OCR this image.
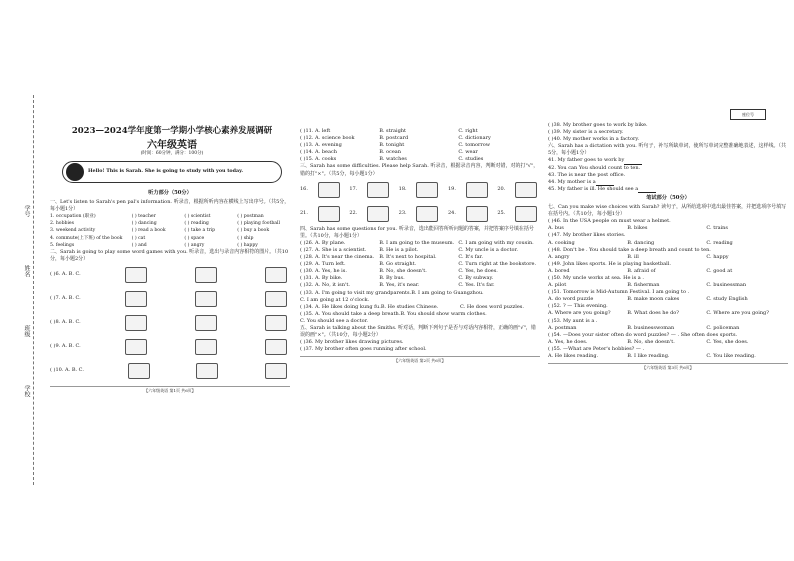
学号
姓名
班级
学校
2023—2024学年度第一学期小学核心素养发展调研
六年级英语
(时间：60分钟，满分：100分)
Hello! This is Sarah. She is going to study with you today.
座位号
听力部分（50分）
一、Let's listen to Sarah's pen pal's information. 听录音，根据所听内容在横线上写出序号。（共5分，每小题1分）
1. occupation (职业)	( ) teacher	( ) scientist	( ) postman
2. hobbies	( ) dancing	( ) reading	( ) playing football
3. weekend activity	( ) read a book	( ) take a trip	( ) buy a book
4. commute(上下班) of the book	( ) cat	( ) space	( ) ship
5. feelings	( ) and	( ) angry	( ) happy
二、Sarah is going to play some word games with you. 听录音，选出与录音内容相符的图片。（共10分，每小题2分）
( )6. A. B. C.
( )7. A. B. C.
( )8. A. B. C.
( )9. A. B. C.
( )10. A. B. C.
【六年级英语 第1页 共6页】
( )11. A. left	B. straight	C. right
( )12. A. science book	B. postcard	C. dictionary
( )13. A. evening	B. tonight	C. tomorrow
( )14. A. beach	B. ocean	C. wear
( )15. A. cooks	B. watches	C. studies
三、Sarah has some difficulties. Please help Sarah. 听录音，根据录音内容，判断对错，对的打"√"，错的打"×"。（共5分，每小题1分）
16.	17.	18.	19.	20.
21.	22.	23.	24.	25.
四、Sarah has some questions for you. 听录音，选出能回答所听问题的答案，并把答案序号填在括号里。（共10分，每小题1分）
( )26. A. By plane.	B. I am going to the museum. C. I am going with my cousin.
( )27. A. She is a scientist.	B. He is a pilot.	C. My uncle is a doctor.
( )28. A. It's near the cinema.	B. It's next to hospital.	C. It's far.
( )29. A. Turn left.	B. Go straight.	C. Turn right at the bookstore.
( )30. A. Yes, he is.	B. No, she doesn't.	C. Yes, he does.
( )31. A. By bike.	B. By bus.	C. By subway.
( )32. A. No, it isn't.	B. Yes, it's near.	C. Yes. It's far.
( )33. A. I'm going to visit my grandparents. B. I am going to Guangzhou.
C. I am going at 12 o'clock.
( )34. A. He likes doing kung fu. B. He studies Chinese.	C. He does word puzzles.
( )35. A. You should take a deep breath. B. You should show warm clothes.
C. You should see a doctor.
五、Sarah is talking about the Smiths. 听对话，判断下列句子是否与对话内容相符，正确的画"√"，错误的画"×"。（共10分，每小题2分）
( )36. My brother likes drawing pictures.
( )37. My brother often goes running after school.
【六年级英语 第2页 共6页】
( )38. My brother goes to work by bike.
( )39. My sister is a secretary.
( )40. My mother works in a factory.
六、Sarah has a dictation with you. 听句子，补写所缺单词，使所写单词完整准确地表述，这样线。（共5分，每小题1分）
41. My father goes to work by
42. You can You should count to ten.
43. The is near the post office.
44. My mother is a
45. My father is ill. He should see a
笔试部分（50分）
七、Can you make wise choices with Sarah? 读句子，从所给选项中选出最佳答案，并把选项序号填写在括号内。（共10分，每小题1分）
( )46. In the USA people on must wear a helmet.
A. bus	B. bikes	C. trains
( )47. My brother likes stories.
A. cooking	B. dancing	C. reading
( )48. Don't be . You should take a deep breath and count to ten.
A. angry	B. ill	C. happy
( )49. John likes sports. He is playing basketball.
A. bored	B. afraid of	C. good at
( )50. My uncle works at sea. He is a .
A. pilot	B. fisherman	C. businessman
( )51. Tomorrow is Mid-Autumn Festival. I am going to .
A. do word puzzle	B. make moon cakes	C. study English
( )52. ? — This evening.
A. Where are you going?	B. What does he do?	C. Where are you going?
( )53. My aunt is a .
A. postman	B. businesswoman	C. policeman
( )54. —Does your sister often do word puzzles? — . She often does sports.
A. Yes, he does.	B. No, she doesn't.	C. Yes, she does.
( )55. —What are Peter's hobbies? — .
A. He likes reading.	B. I like reading.	C. You like reading.
【六年级英语 第3页 共6页】
